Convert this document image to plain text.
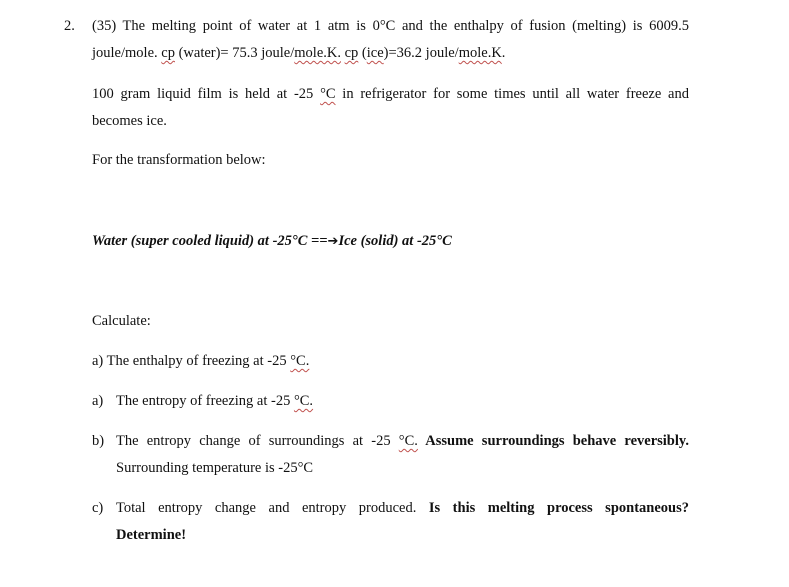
2. (35) The melting point of water at 1 atm is 0°C and the enthalpy of fusion (melting) is 6009.5
joule/mole. cp (water)= 75.3 joule/mole.K. cp (ice)=36.2 joule/mole.K.
100 gram liquid film is held at -25 °C in refrigerator for some times until all water freeze and
becomes ice.
For the transformation below:
Water (super cooled liquid) at -25°C ==➔Ice (solid) at -25°C
Calculate:
a) The enthalpy of freezing at -25 °C.
a) The entropy of freezing at -25 °C.
b) The entropy change of surroundings at -25 °C. Assume surroundings behave reversibly.
Surrounding temperature is -25°C
c) Total entropy change and entropy produced. Is this melting process spontaneous?
Determine!
